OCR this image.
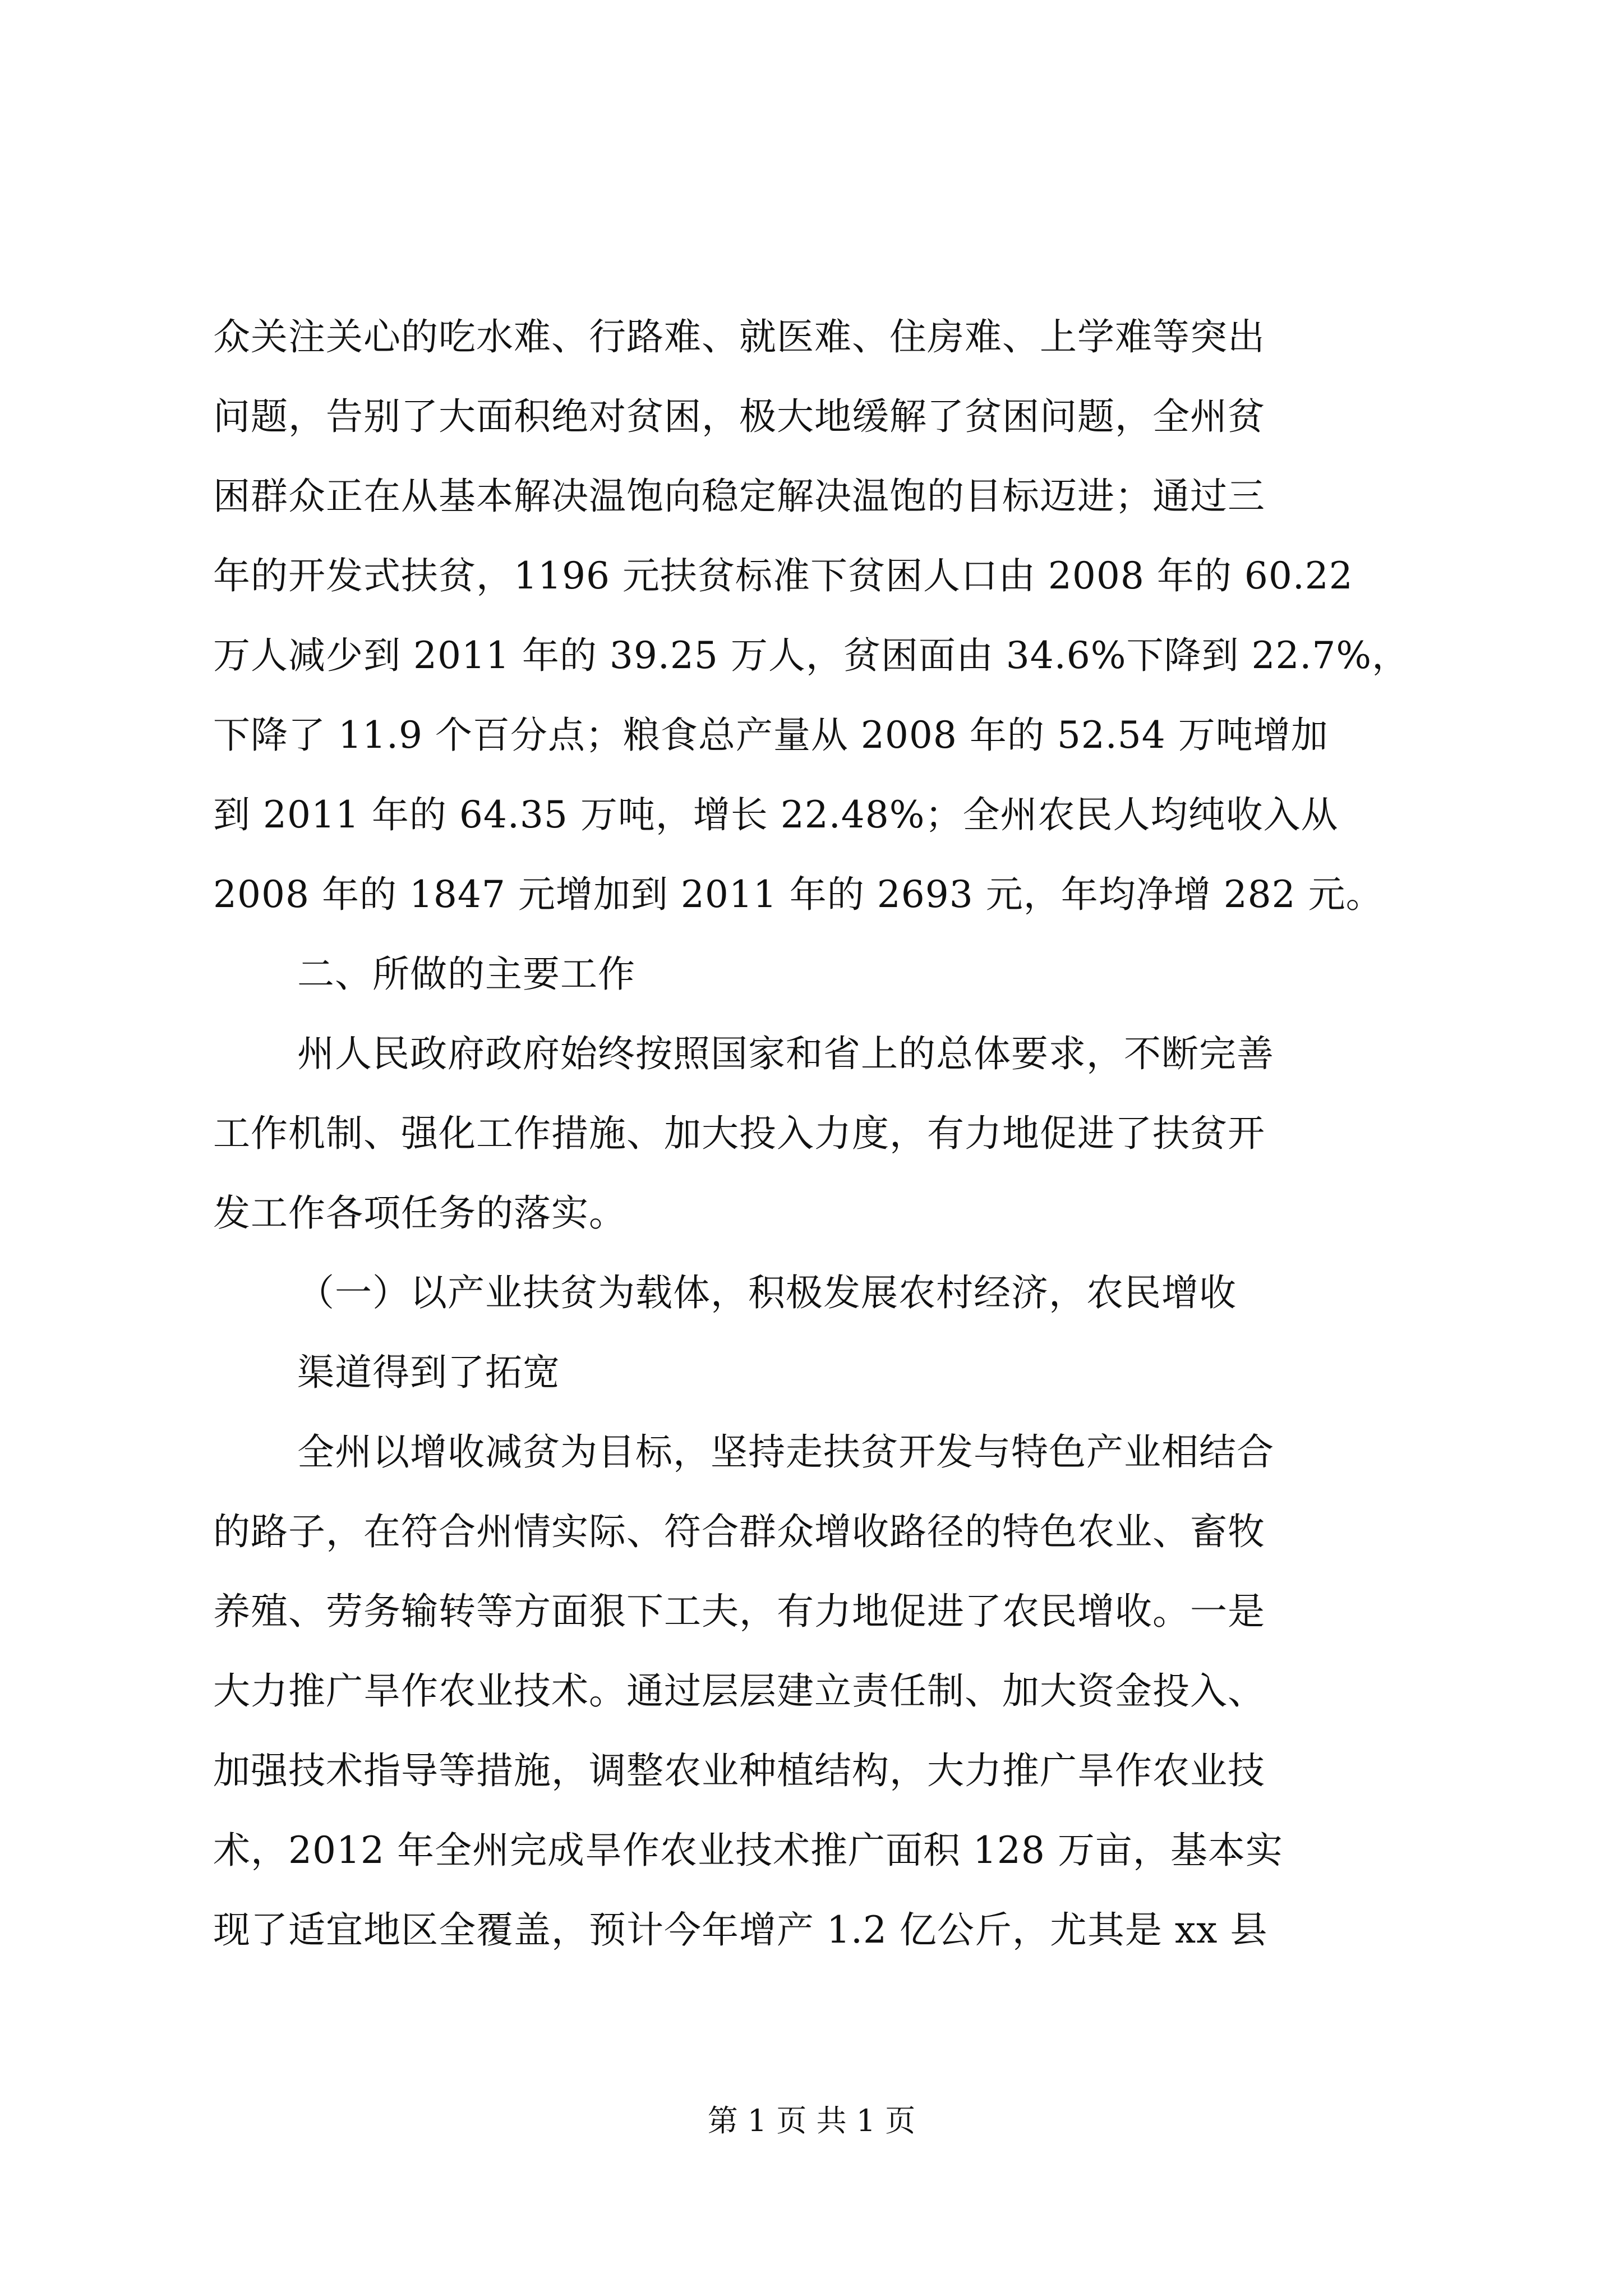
众关注关心的吃水难、行路难、就医难、住房难、上学难等突出
问题，告别了大面积绝对贫困，极大地缓解了贫困问题，全州贫
困群众正在从基本解决温饱向稳定解决温饱的目标迈进；通过三
年的开发式扶贫，1196 元扶贫标准下贫困人口由 2008 年的 60.22
万人减少到 2011 年的 39.25 万人，贫困面由 34.6%下降到 22.7%，
下降了 11.9 个百分点；粮食总产量从 2008 年的 52.54 万吨增加
到 2011 年的 64.35 万吨，增长 22.48%；全州农民人均纯收入从
2008 年的 1847 元增加到 2011 年的 2693 元，年均净增 282 元。
二、所做的主要工作
州人民政府政府始终按照国家和省上的总体要求，不断完善
工作机制、强化工作措施、加大投入力度，有力地促进了扶贫开
发工作各项任务的落实。
（一）以产业扶贫为载体，积极发展农村经济，农民增收
渠道得到了拓宽
全州以增收减贫为目标，坚持走扶贫开发与特色产业相结合
的路子，在符合州情实际、符合群众增收路径的特色农业、畜牧
养殖、劳务输转等方面狠下工夫，有力地促进了农民增收。一是
大力推广旱作农业技术。通过层层建立责任制、加大资金投入、
加强技术指导等措施，调整农业种植结构，大力推广旱作农业技
术，2012 年全州完成旱作农业技术推广面积 128 万亩，基本实
现了适宜地区全覆盖，预计今年增产 1.2 亿公斤，尤其是 xx 县
第 1 页 共 1 页
